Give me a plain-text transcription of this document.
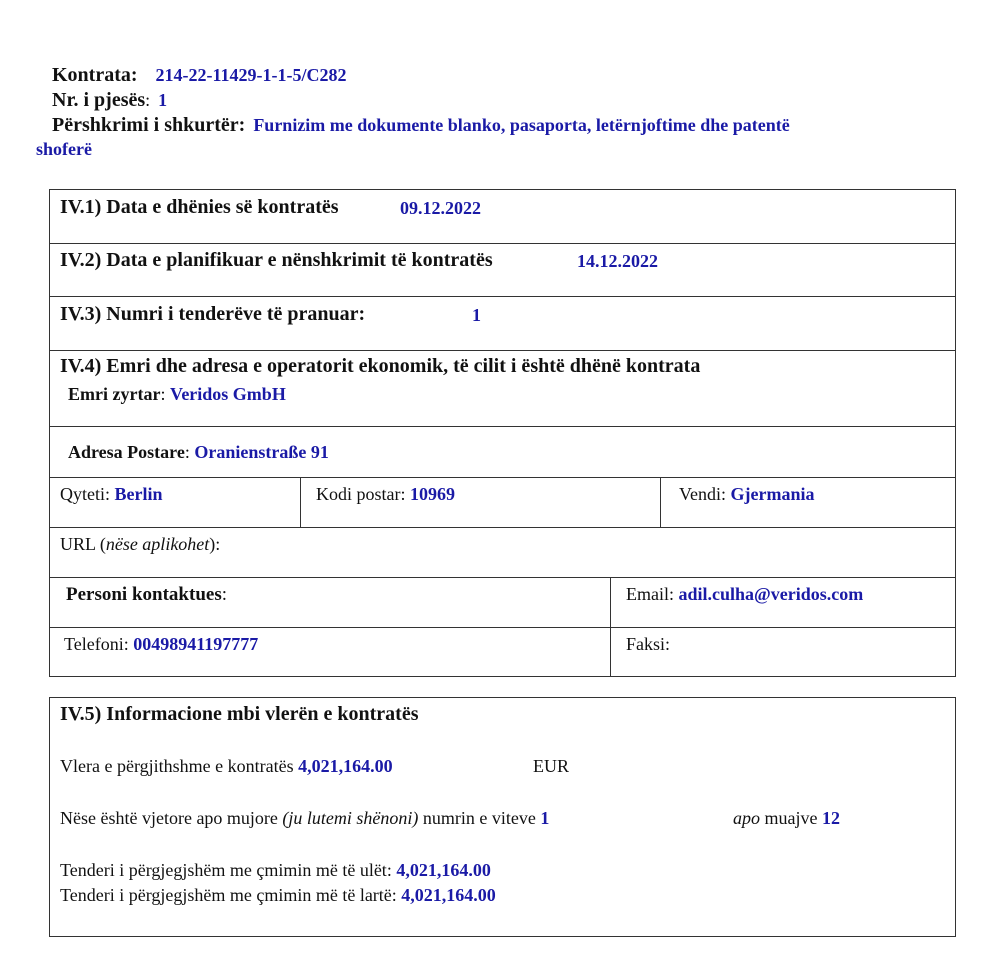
Kontrata: 214-22-11429-1-1-5/C282
Nr. i pjesës: 1
Përshkrimi i shkurtër: Furnizim me dokumente blanko, pasaporta, letërnjoftime dhe patentë
shoferë
IV.1) Data e dhënies së kontratës	09.12.2022
IV.2) Data e planifikuar e nënshkrimit të kontratës	14.12.2022
IV.3) Numri i tenderëve të pranuar:	1
IV.4) Emri dhe adresa e operatorit ekonomik, të cilit i është dhënë kontrata
Emri zyrtar: Veridos GmbH
Adresa Postare: Oranienstraße 91
Qyteti: Berlin	Kodi postar: 10969	Vendi: Gjermania
URL (nëse aplikohet):
Personi kontaktues:	Email: adil.culha@veridos.com
Telefoni: 00498941197777	Faksi:
IV.5) Informacione mbi vlerën e kontratës
Vlera e përgjithshme e kontratës 4,021,164.00	EUR
Nëse është vjetore apo mujore (ju lutemi shënoni) numrin e viteve 1	apo muajve 12
Tenderi i përgjegjshëm me çmimin më të ulët: 4,021,164.00
Tenderi i përgjegjshëm me çmimin më të lartë: 4,021,164.00
